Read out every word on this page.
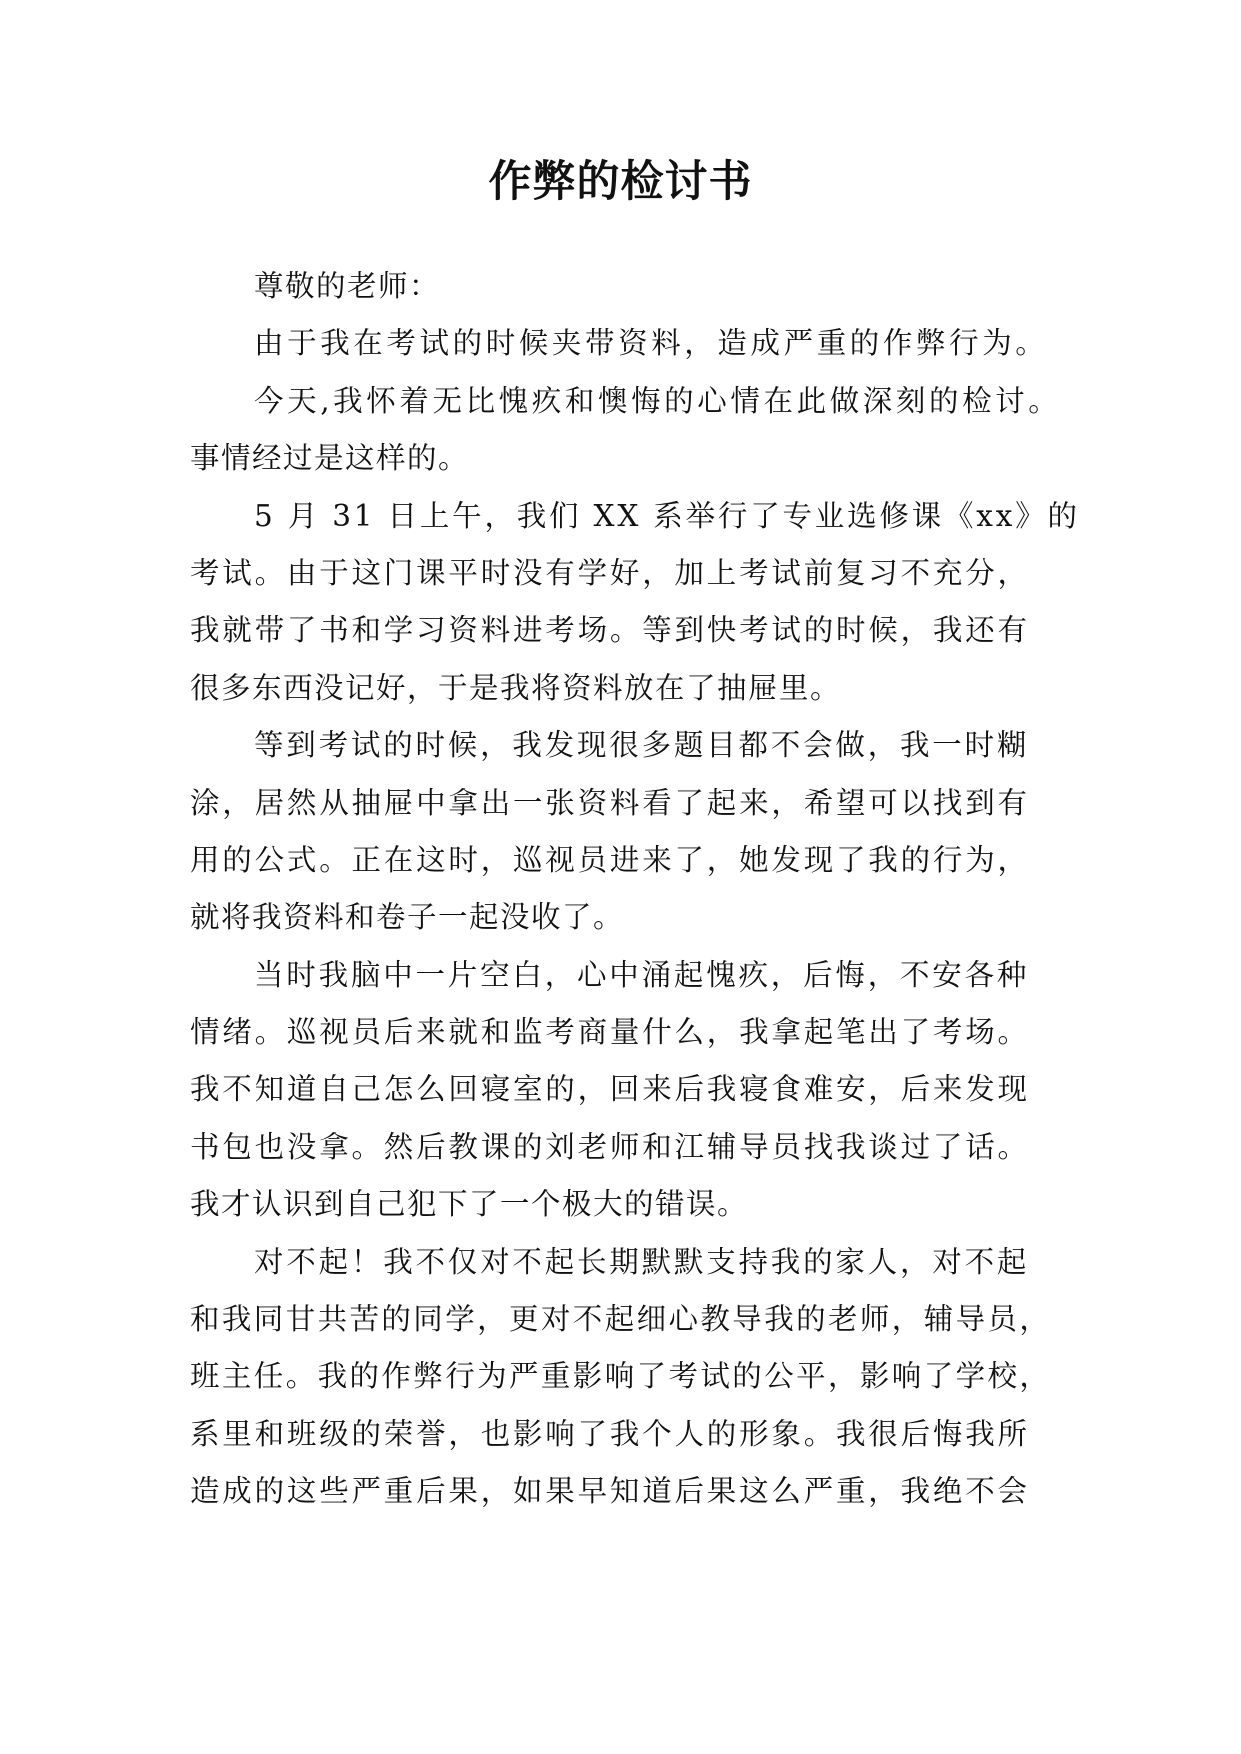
作弊的检讨书
尊敬的老师：
由于我在考试的时候夹带资料，造成严重的作弊行为。
今天,我怀着无比愧疚和懊悔的心情在此做深刻的检讨。
事情经过是这样的。
5 月 31 日上午，我们 XX 系举行了专业选修课《xx》的
考试。由于这门课平时没有学好，加上考试前复习不充分，
我就带了书和学习资料进考场。等到快考试的时候，我还有
很多东西没记好，于是我将资料放在了抽屉里。
等到考试的时候，我发现很多题目都不会做，我一时糊
涂，居然从抽屉中拿出一张资料看了起来，希望可以找到有
用的公式。正在这时，巡视员进来了，她发现了我的行为，
就将我资料和卷子一起没收了。
当时我脑中一片空白，心中涌起愧疚，后悔，不安各种
情绪。巡视员后来就和监考商量什么，我拿起笔出了考场。
我不知道自己怎么回寝室的，回来后我寝食难安，后来发现
书包也没拿。然后教课的刘老师和江辅导员找我谈过了话。
我才认识到自己犯下了一个极大的错误。
对不起！我不仅对不起长期默默支持我的家人，对不起
和我同甘共苦的同学，更对不起细心教导我的老师，辅导员，
班主任。我的作弊行为严重影响了考试的公平，影响了学校，
系里和班级的荣誉，也影响了我个人的形象。我很后悔我所
造成的这些严重后果，如果早知道后果这么严重，我绝不会
